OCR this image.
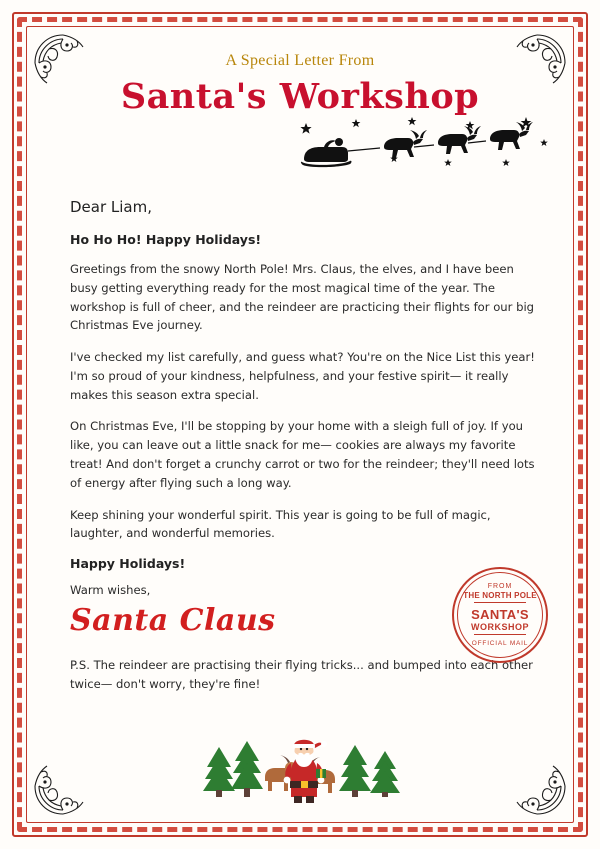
A Special Letter From
Santa's Workshop
Dear Liam,
Ho Ho Ho! Happy Holidays!
Greetings from the snowy North Pole! Mrs. Claus, the elves, and I have been busy getting everything ready for the most magical time of the year. The workshop is full of cheer, and the reindeer are practicing their flights for our big Christmas Eve journey.
I've checked my list carefully, and guess what? You're on the Nice List this year! I'm so proud of your kindness, helpfulness, and your festive spirit— it really makes this season extra special.
On Christmas Eve, I'll be stopping by your home with a sleigh full of joy. If you like, you can leave out a little snack for me— cookies are always my favorite treat! And don't forget a crunchy carrot or two for the reindeer; they'll need lots of energy after flying such a long way.
Keep shining your wonderful spirit. This year is going to be full of magic, laughter, and wonderful memories.
Happy Holidays!
Warm wishes,
Santa Claus
P.S. The reindeer are practising their flying tricks... and bumped into each other twice— don't worry, they're fine!
FROM
THE NORTH POLE
SANTA'S
WORKSHOP
OFFICIAL MAIL
